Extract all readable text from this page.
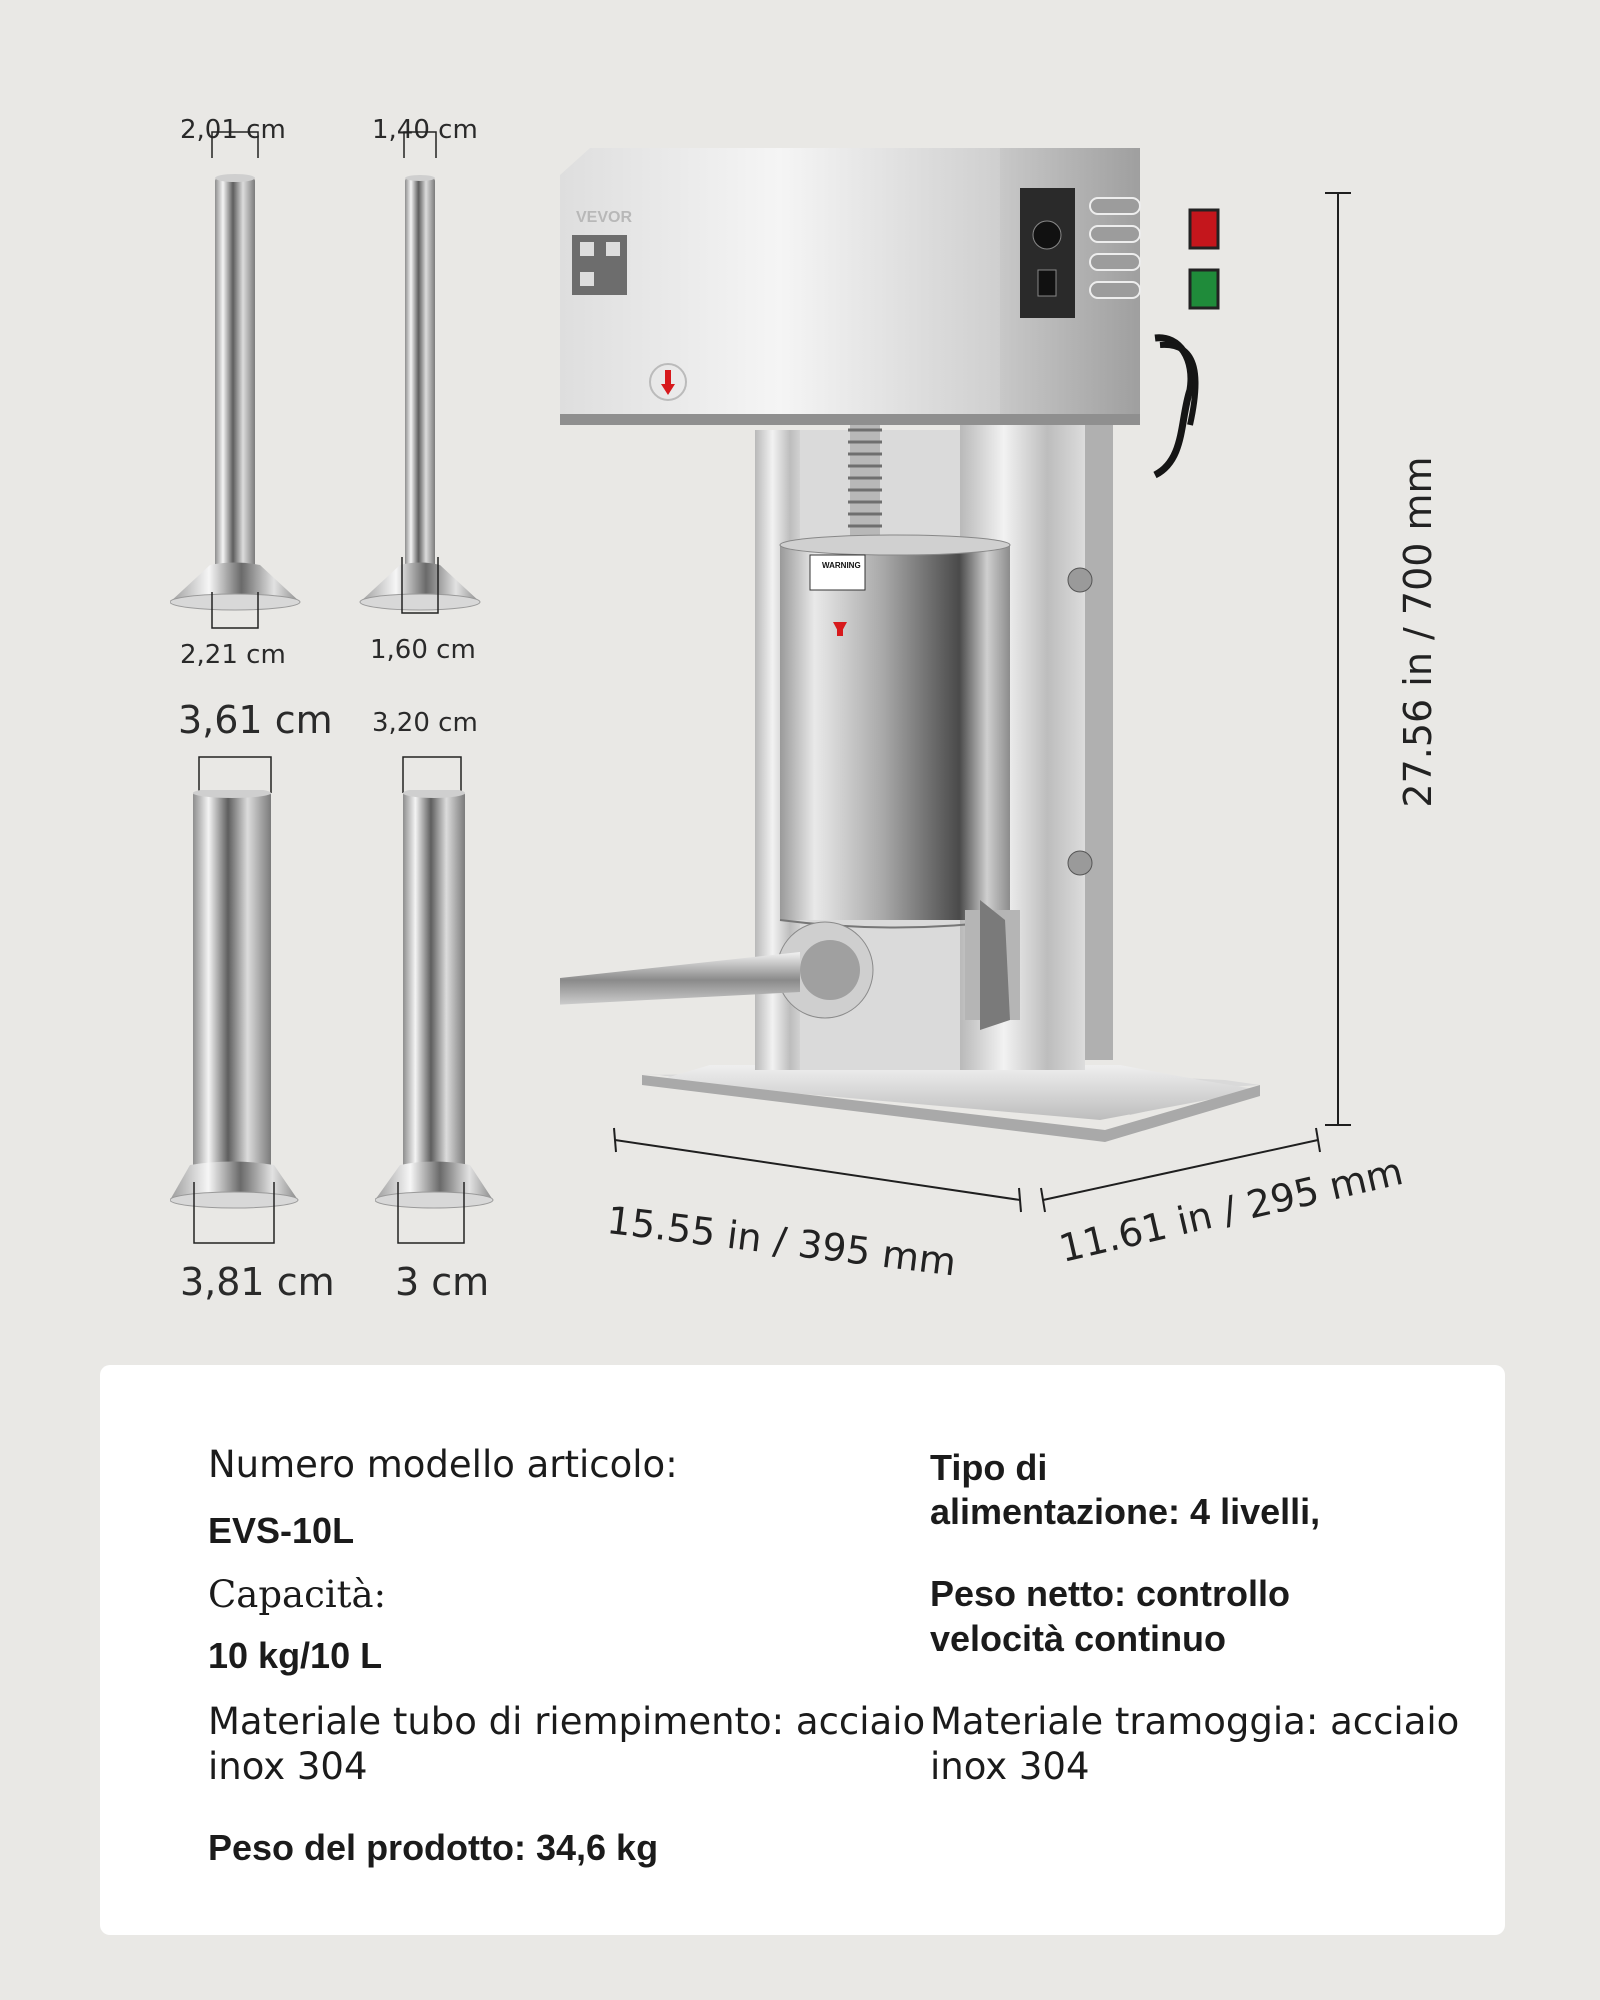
2,01 cm	1,40 cm
2,21 cm	1,60 cm
3,61 cm 3,20 cm
3,81 cm 3 cm
WARNING
VEVOR
27.56 in / 700 mm
15.55 in / 395 mm	11.61 in / 295 mm
Numero modello articolo:
EVS-10L
Capacità:
10 kg/10 L
Materiale tubo di riempimento: acciaio inox 304
Peso del prodotto: 34,6 kg
Tipo di
alimentazione: 4 livelli,
Peso netto: controllo
velocità continuo
Materiale tramoggia: acciaio inox 304
